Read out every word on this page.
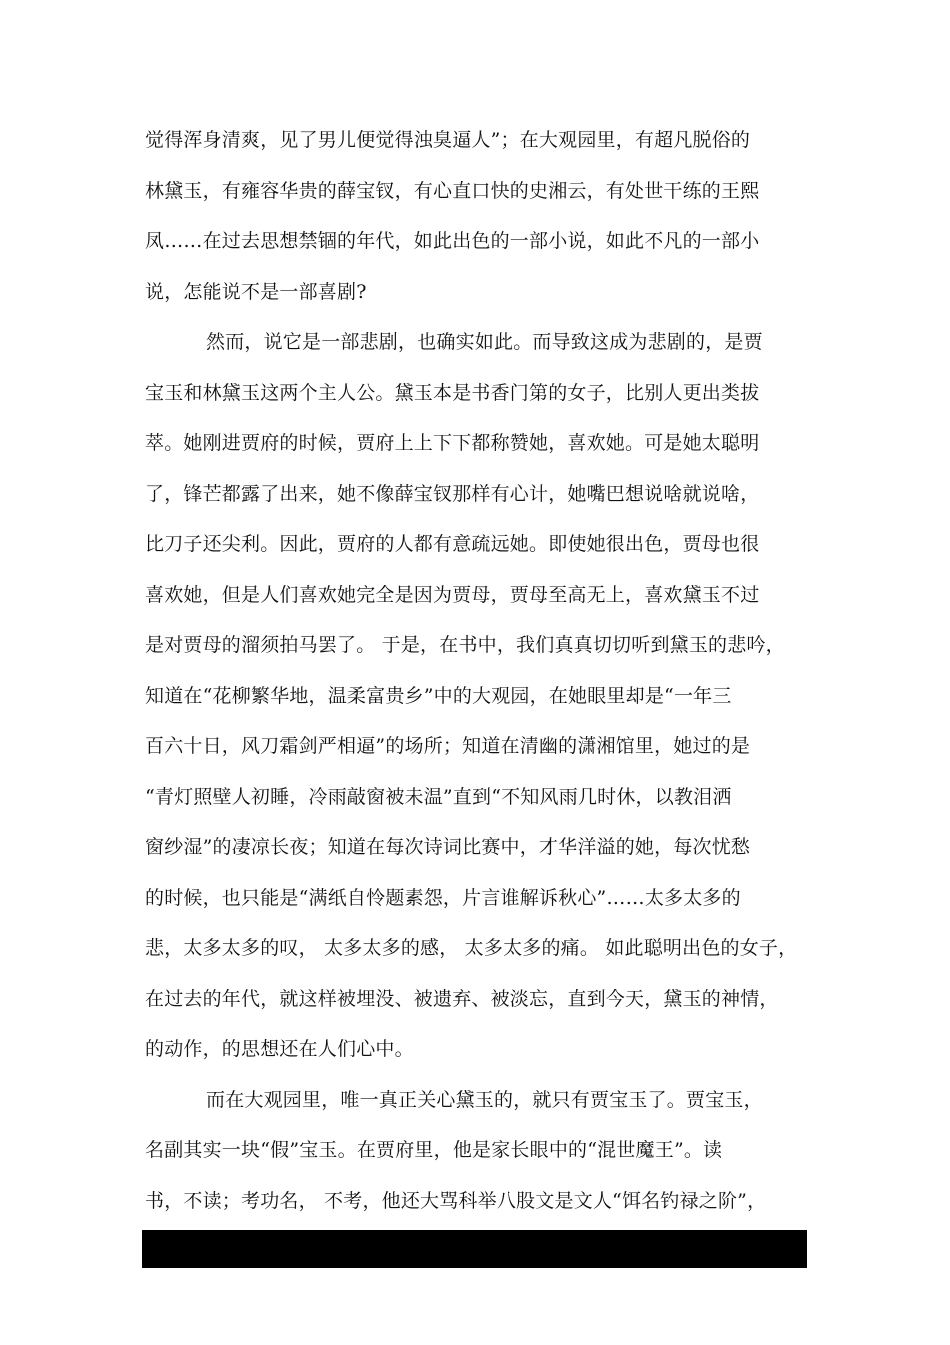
觉得浑身清爽，见了男儿便觉得浊臭逼人”；在大观园里，有超凡脱俗的
林黛玉，有雍容华贵的薛宝钗，有心直口快的史湘云，有处世干练的王熙
凤……在过去思想禁锢的年代，如此出色的一部小说，如此不凡的一部小
说，怎能说不是一部喜剧?
然而，说它是一部悲剧，也确实如此。而导致这成为悲剧的，是贾
宝玉和林黛玉这两个主人公。黛玉本是书香门第的女子，比别人更出类拔
萃。她刚进贾府的时候，贾府上上下下都称赞她，喜欢她。可是她太聪明
了，锋芒都露了出来，她不像薛宝钗那样有心计，她嘴巴想说啥就说啥，
比刀子还尖利。因此，贾府的人都有意疏远她。即使她很出色，贾母也很
喜欢她，但是人们喜欢她完全是因为贾母，贾母至高无上，喜欢黛玉不过
是对贾母的溜须拍马罢了。 于是，在书中，我们真真切切听到黛玉的悲吟，
知道在“花柳繁华地，温柔富贵乡”中的大观园，在她眼里却是“一年三
百六十日，风刀霜剑严相逼”的场所；知道在清幽的潇湘馆里，她过的是
“青灯照壁人初睡，冷雨敲窗被未温”直到“不知风雨几时休，以教泪洒
窗纱湿”的凄凉长夜；知道在每次诗词比赛中，才华洋溢的她，每次忧愁
的时候，也只能是“满纸自怜题素怨，片言谁解诉秋心”……太多太多的
悲，太多太多的叹， 太多太多的感， 太多太多的痛。 如此聪明出色的女子，
在过去的年代，就这样被埋没、被遗弃、被淡忘，直到今天，黛玉的神情，
的动作，的思想还在人们心中。
而在大观园里，唯一真正关心黛玉的，就只有贾宝玉了。贾宝玉，
名副其实一块“假”宝玉。在贾府里，他是家长眼中的“混世魔王”。读
书，不读；考功名， 不考，他还大骂科举八股文是文人“饵名钓禄之阶”，
